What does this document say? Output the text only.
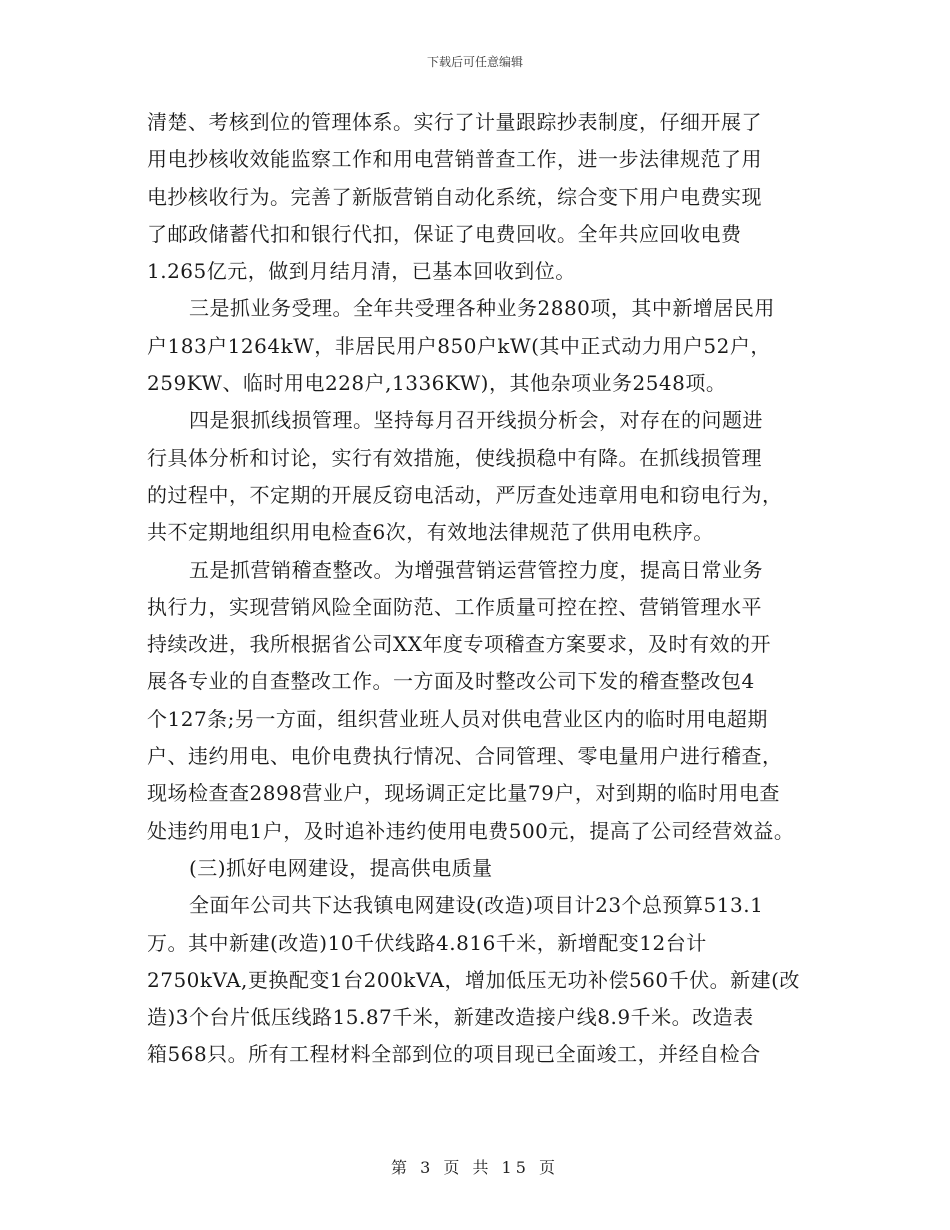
下载后可任意编辑
清楚、考核到位的管理体系。实行了计量跟踪抄表制度，仔细开展了
用电抄核收效能监察工作和用电营销普查工作，进一步法律规范了用
电抄核收行为。完善了新版营销自动化系统，综合变下用户电费实现
了邮政储蓄代扣和银行代扣，保证了电费回收。全年共应回收电费
1.265亿元，做到月结月清，已基本回收到位。
三是抓业务受理。全年共受理各种业务2880项，其中新增居民用
户183户1264kW，非居民用户850户kW(其中正式动力用户52户，
259KW、临时用电228户,1336KW)，其他杂项业务2548项。
四是狠抓线损管理。坚持每月召开线损分析会，对存在的问题进
行具体分析和讨论，实行有效措施，使线损稳中有降。在抓线损管理
的过程中，不定期的开展反窃电活动，严厉查处违章用电和窃电行为，
共不定期地组织用电检查6次，有效地法律规范了供用电秩序。
五是抓营销稽查整改。为增强营销运营管控力度，提高日常业务
执行力，实现营销风险全面防范、工作质量可控在控、营销管理水平
持续改进，我所根据省公司XX年度专项稽查方案要求，及时有效的开
展各专业的自查整改工作。一方面及时整改公司下发的稽查整改包4
个127条;另一方面，组织营业班人员对供电营业区内的临时用电超期
户、违约用电、电价电费执行情况、合同管理、零电量用户进行稽查，
现场检查查2898营业户，现场调正定比量79户，对到期的临时用电查
处违约用电1户，及时追补违约使用电费500元，提高了公司经营效益。
(三)抓好电网建设，提高供电质量
全面年公司共下达我镇电网建设(改造)项目计23个总预算513.1
万。其中新建(改造)10千伏线路4.816千米，新增配变12台计
2750kVA,更换配变1台200kVA，增加低压无功补偿560千伏。新建(改
造)3个台片低压线路15.87千米，新建改造接户线8.9千米。改造表
箱568只。所有工程材料全部到位的项目现已全面竣工，并经自检合
第 3 页 共 15 页
